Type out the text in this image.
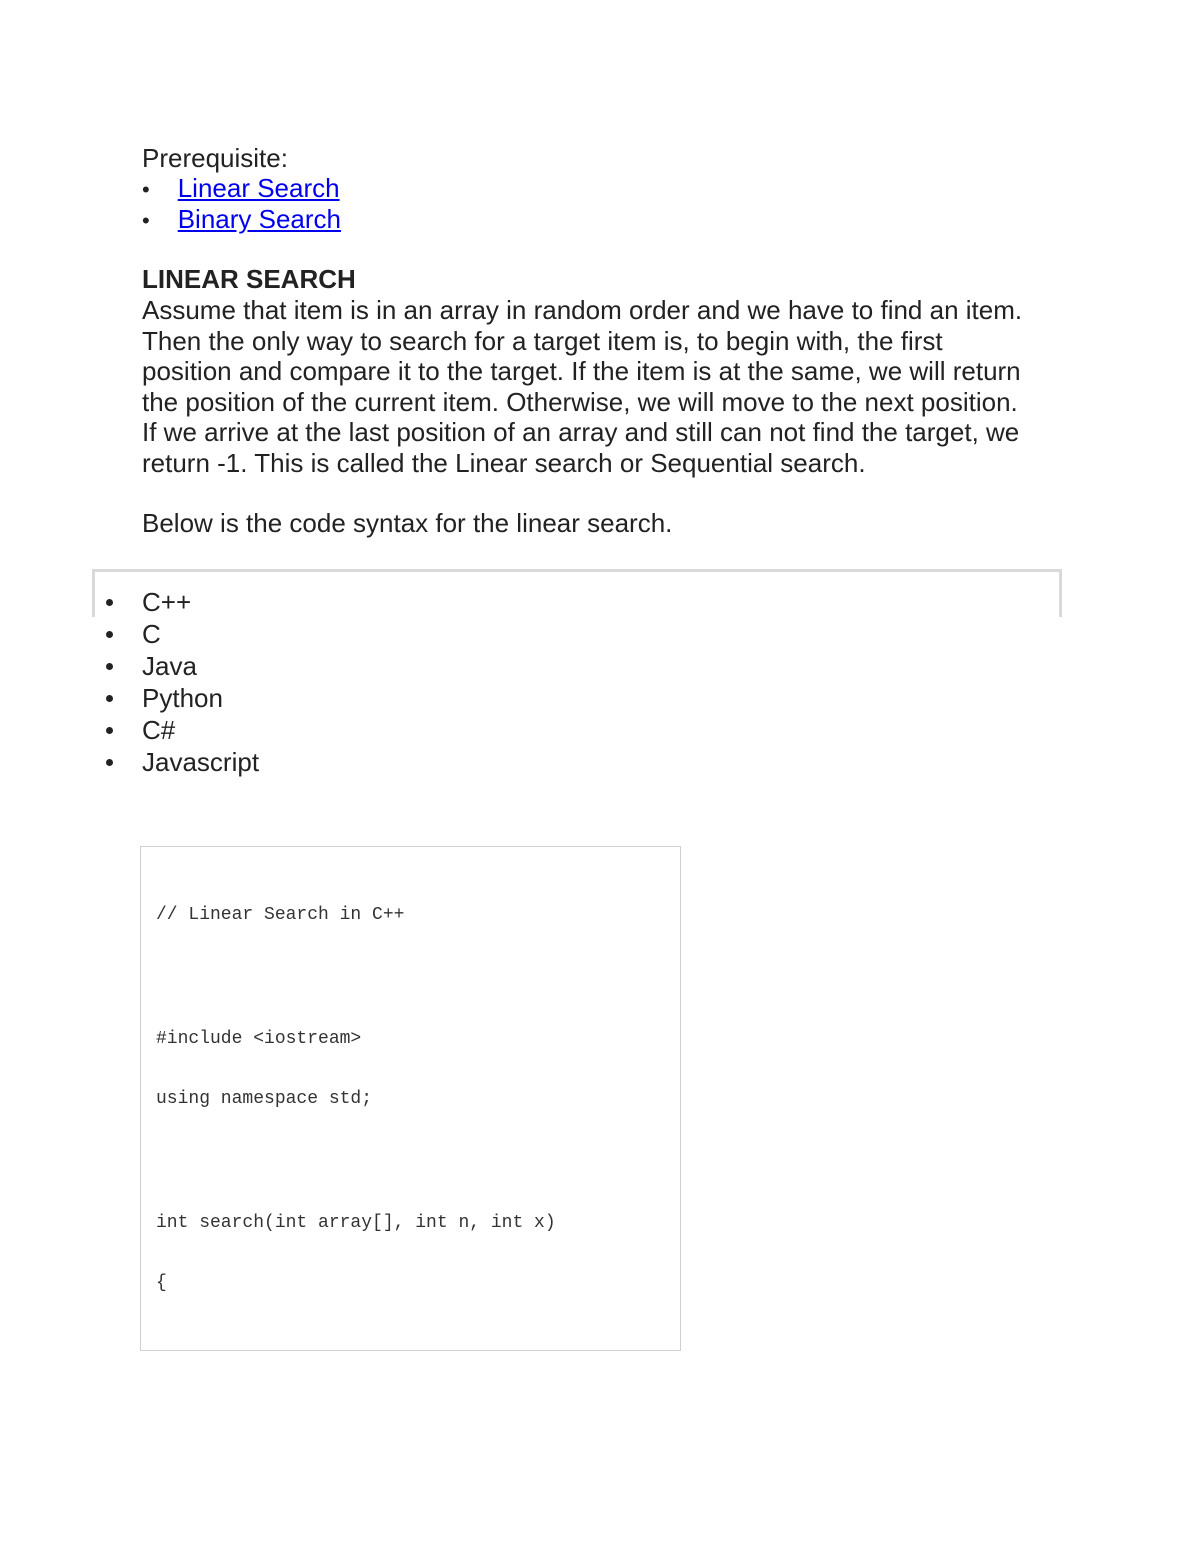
Prerequisite:
• Linear Search
• Binary Search
LINEAR SEARCH
Assume that item is in an array in random order and we have to find an item.
Then the only way to search for a target item is, to begin with, the first
position and compare it to the target. If the item is at the same, we will return
the position of the current item. Otherwise, we will move to the next position.
If we arrive at the last position of an array and still can not find the target, we
return -1. This is called the Linear search or Sequential search.
Below is the code syntax for the linear search.
C++
C
Java
Python
C#
Javascript
// Linear Search in C++
#include <iostream>
using namespace std;
int search(int array[], int n, int x)
{
